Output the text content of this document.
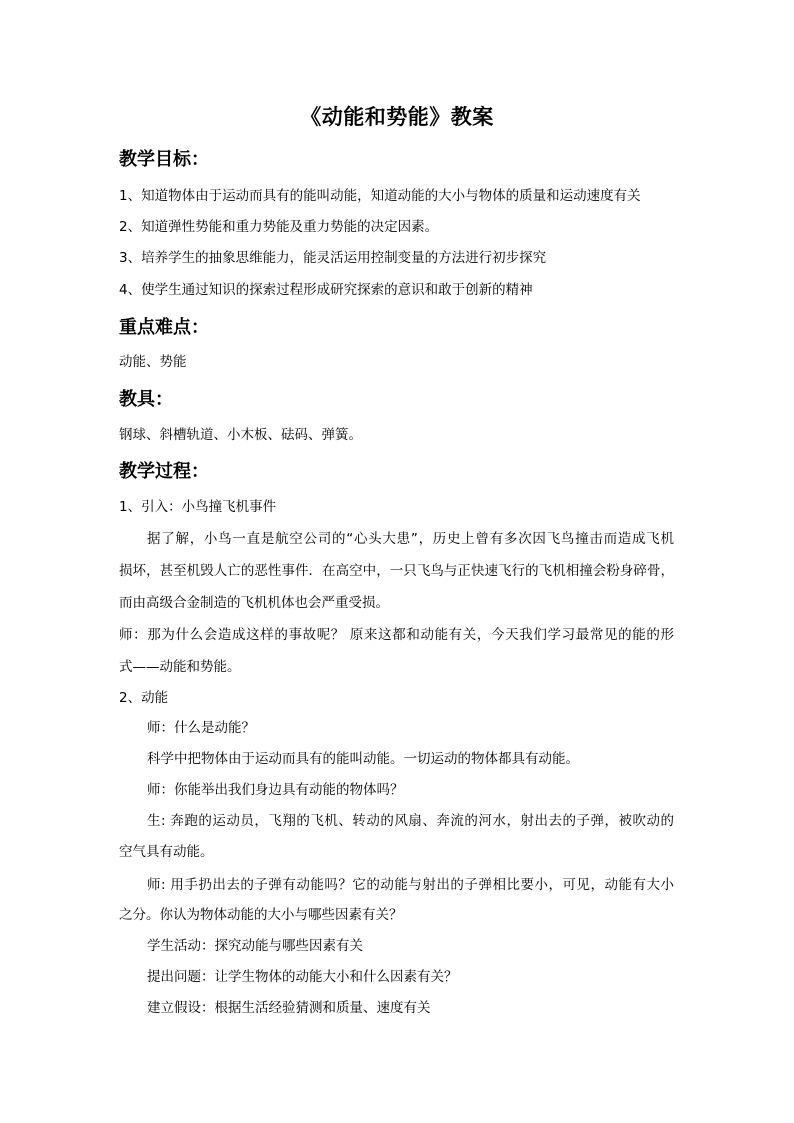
《动能和势能》教案
教学目标：

1、知道物体由于运动而具有的能叫动能，知道动能的大小与物体的质量和运动速度有关

2、知道弹性势能和重力势能及重力势能的决定因素。

3、培养学生的抽象思维能力，能灵活运用控制变量的方法进行初步探究

4、使学生通过知识的探索过程形成研究探索的意识和敢于创新的精神

重点难点：

动能、势能

教具：

钢球、斜槽轨道、小木板、砝码、弹簧。

教学过程：

1、引入：小鸟撞飞机事件

据了解，小鸟一直是航空公司的“心头大患”，历史上曾有多次因飞鸟撞击而造成飞机

损坏，甚至机毁人亡的恶性事件．在高空中，一只飞鸟与正快速飞行的飞机相撞会粉身碎骨，

而由高级合金制造的飞机机体也会严重受损。

师：那为什么会造成这样的事故呢？ 原来这都和动能有关，今天我们学习最常见的能的形

式——动能和势能。

2、动能

师：什么是动能？

科学中把物体由于运动而具有的能叫动能。一切运动的物体都具有动能。

师：你能举出我们身边具有动能的物体吗？

生: 奔跑的运动员，飞翔的飞机、转动的风扇、奔流的河水，射出去的子弹，被吹动的

空气具有动能。

师: 用手扔出去的子弹有动能吗？它的动能与射出的子弹相比要小，可见，动能有大小

之分。你认为物体动能的大小与哪些因素有关？

学生活动：探究动能与哪些因素有关

提出问题：让学生物体的动能大小和什么因素有关？

建立假设：根据生活经验猜测和质量、速度有关
